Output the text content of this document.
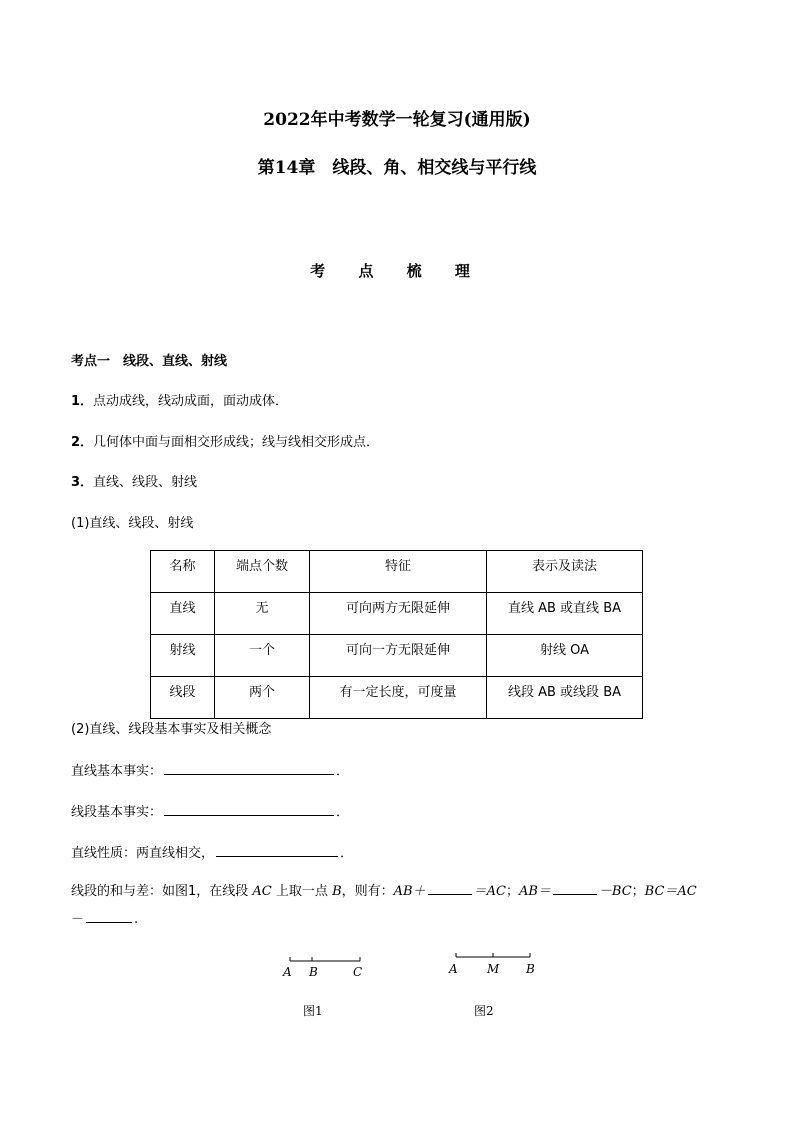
2022年中考数学一轮复习(通用版)
第14章　线段、角、相交线与平行线
考 点 梳 理
考点一　线段、直线、射线
1．点动成线，线动成面，面动成体．
2．几何体中面与面相交形成线；线与线相交形成点．
3．直线、线段、射线
(1)直线、线段、射线
名称	端点个数	特征	表示及读法
直线	无	可向两方无限延伸	直线 AB 或直线 BA
射线	一个	可向一方无限延伸	射线 OA
线段	两个	有一定长度，可度量	线段 AB 或线段 BA
(2)直线、线段基本事实及相关概念
直线基本事实：	．
线段基本事实：	．
直线性质：两直线相交，	．
线段的和与差：如图1，在线段 AC 上取一点 B，则有：AB＋	＝AC；AB＝	－BC；BC＝AC
－	.
A B	C
图1
A M B
图2
